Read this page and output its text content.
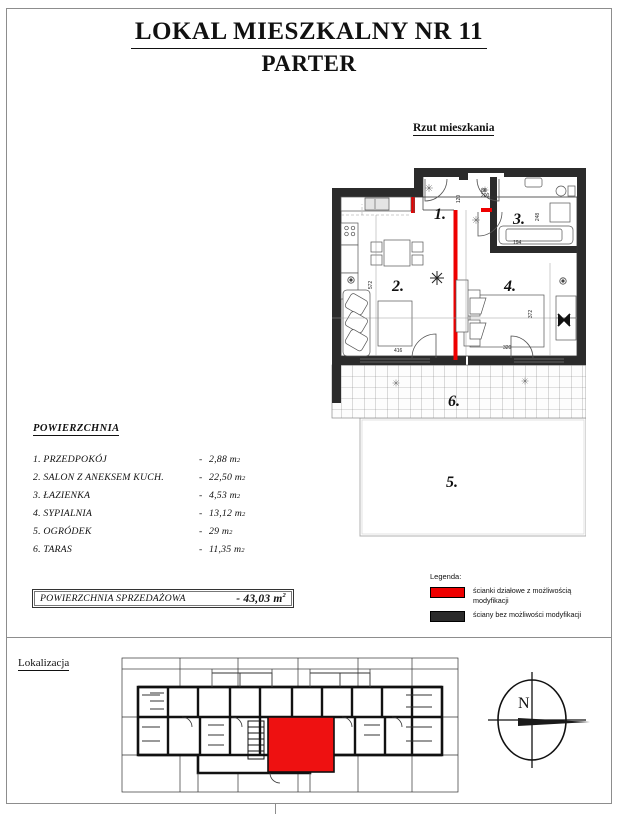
LOKAL MIESZKALNY NR 11
PARTER
Rzut mieszkania
1.
2.
3.
4.
5.
6.
120
572
416
248
194
372
320
80
200
POWIERZCHNIA
1. PRZEDPOKÓJ	- 2,88 m 2
2. SALON Z ANEKSEM KUCH.	- 22,50 m 2
3. ŁAZIENKA	- 4,53 m 2
4. SYPIALNIA	- 13,12 m 2
5. OGRÓDEK	- 29 m 2
6. TARAS	- 11,35 m 2
POWIERZCHNIA SPRZEDAŻOWA	- 43,03 $m^2$
Legenda:
ścianki działowe z możliwością modyfikacji
ściany bez możliwości modyfikacji
Lokalizacja
N
